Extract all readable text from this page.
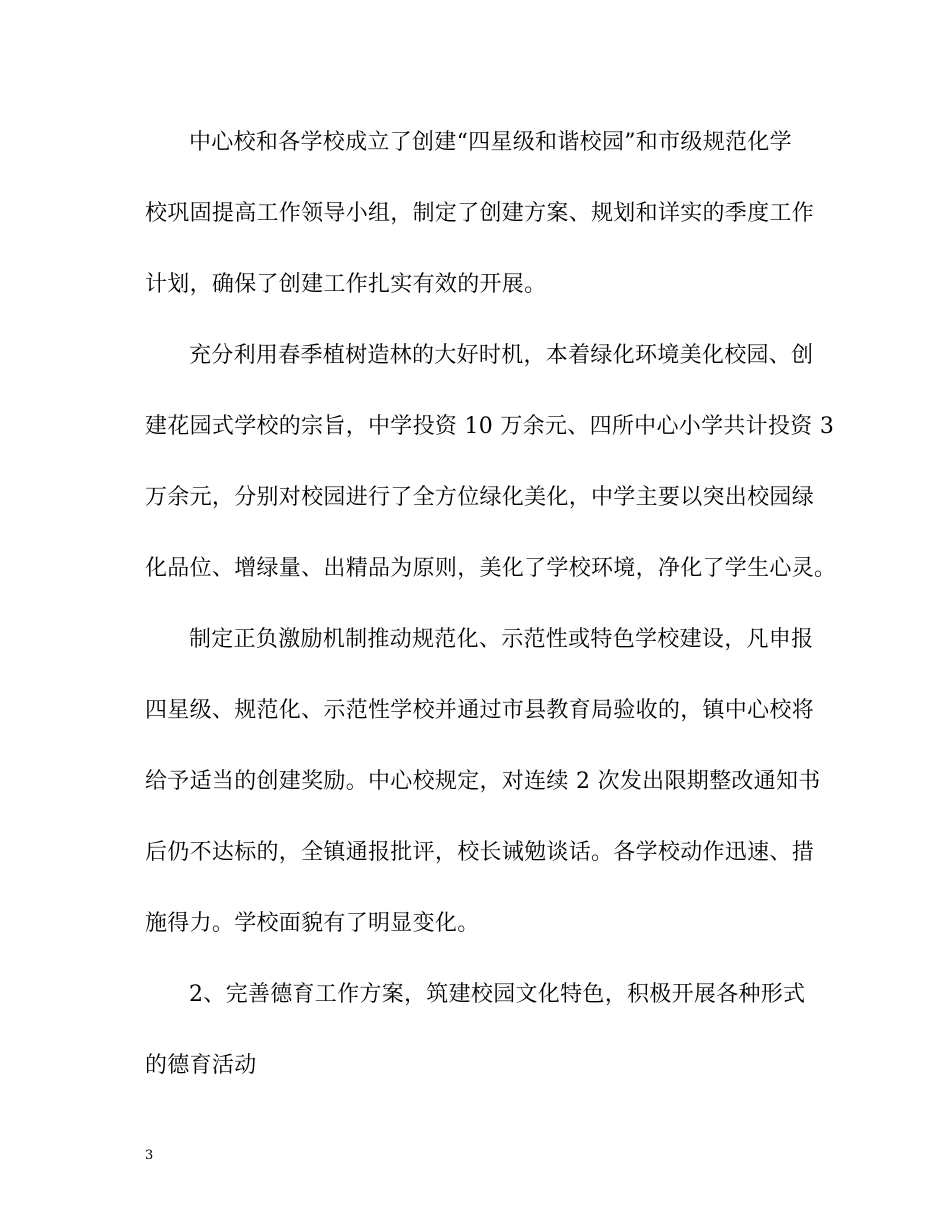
中心校和各学校成立了创建“四星级和谐校园”和市级规范化学
校巩固提高工作领导小组，制定了创建方案、规划和详实的季度工作
计划，确保了创建工作扎实有效的开展。
充分利用春季植树造林的大好时机，本着绿化环境美化校园、创
建花园式学校的宗旨，中学投资 10 万余元、四所中心小学共计投资 3
万余元，分别对校园进行了全方位绿化美化，中学主要以突出校园绿
化品位、增绿量、出精品为原则，美化了学校环境，净化了学生心灵。
制定正负激励机制推动规范化、示范性或特色学校建设，凡申报
四星级、规范化、示范性学校并通过市县教育局验收的，镇中心校将
给予适当的创建奖励。中心校规定，对连续 2 次发出限期整改通知书
后仍不达标的，全镇通报批评，校长诫勉谈话。各学校动作迅速、措
施得力。学校面貌有了明显变化。
2、完善德育工作方案，筑建校园文化特色，积极开展各种形式
的德育活动
3
